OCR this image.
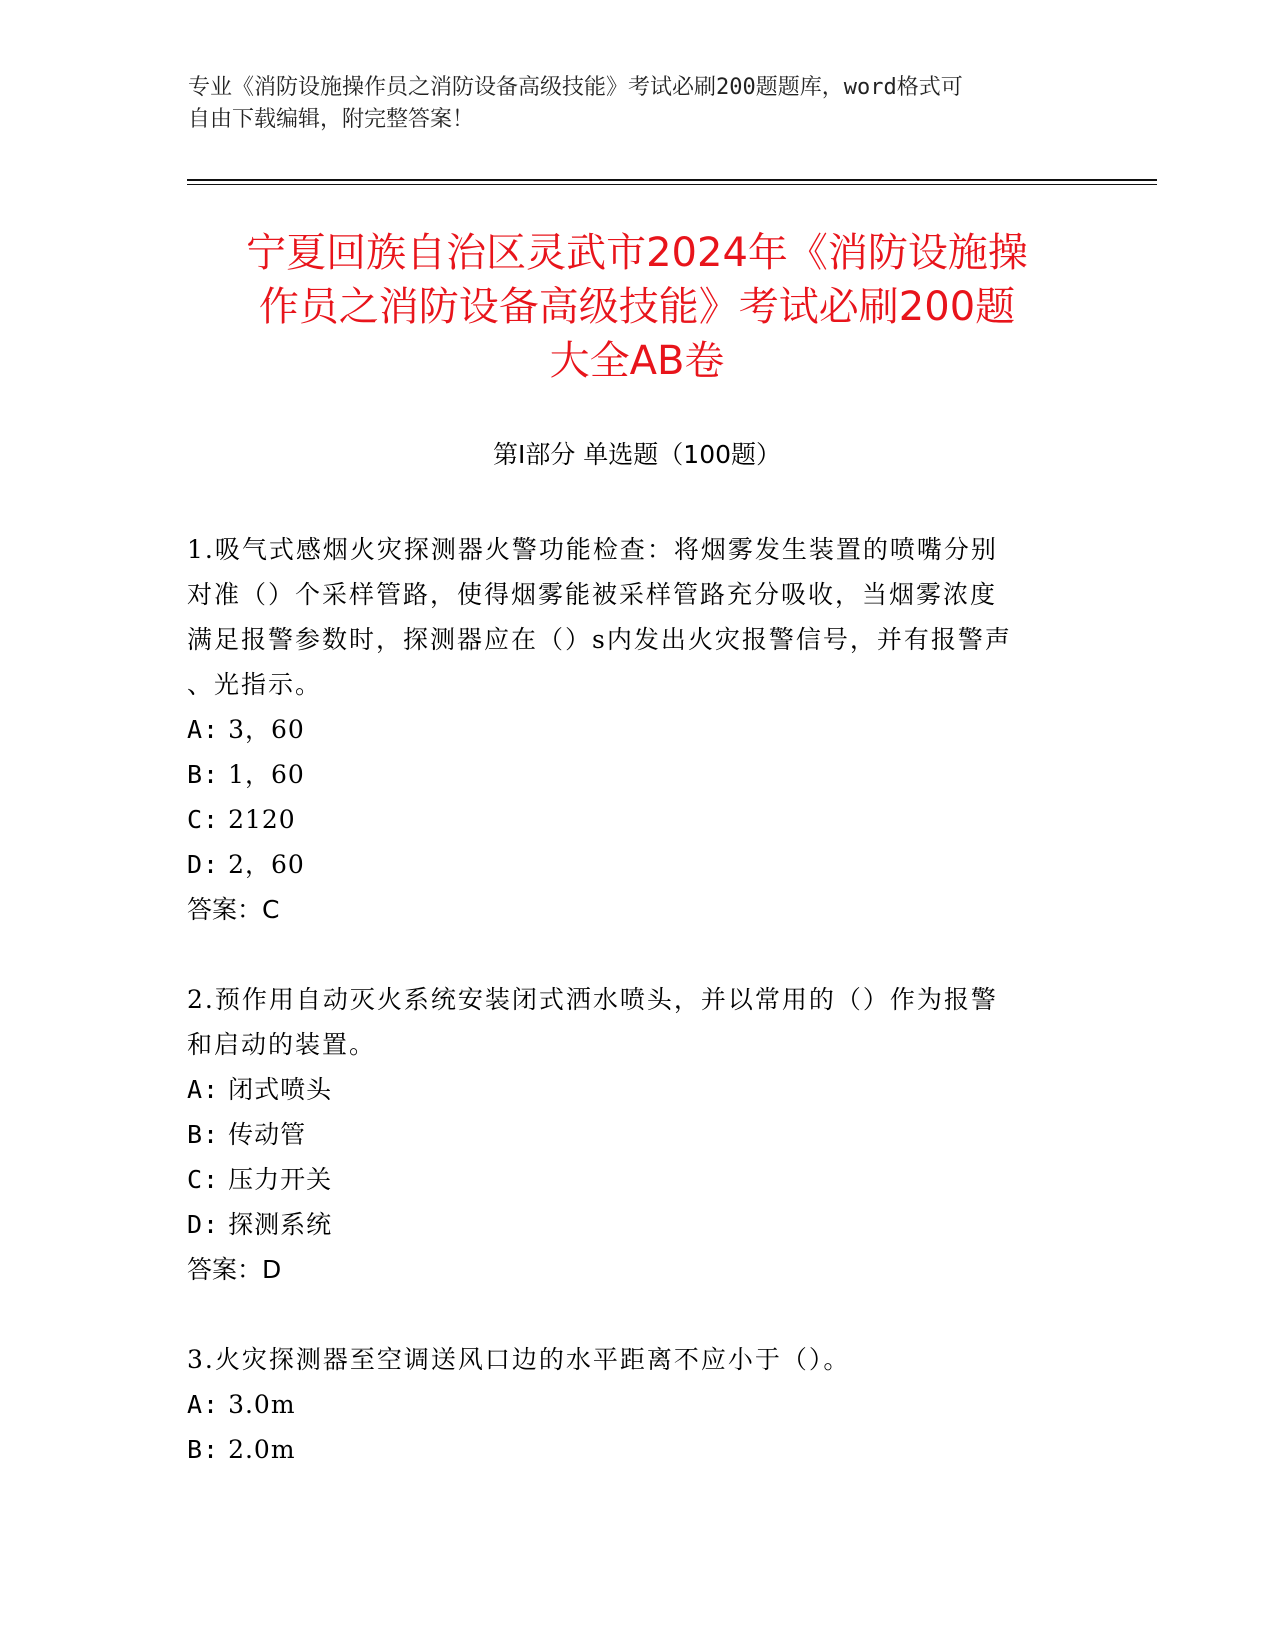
专业《消防设施操作员之消防设备高级技能》考试必刷200题题库，word格式可
自由下载编辑，附完整答案！
宁夏回族自治区灵武市2024年《消防设施操
作员之消防设备高级技能》考试必刷200题
大全AB卷
第Ⅰ部分 单选题（100题）
1.吸气式感烟火灾探测器火警功能检查：将烟雾发生装置的喷嘴分别
对准（）个采样管路，使得烟雾能被采样管路充分吸收，当烟雾浓度
满足报警参数时，探测器应在（）s内发出火灾报警信号，并有报警声
、光指示。
A: 3，60
B: 1，60
C: 2120
D: 2，60
答案：C
2.预作用自动灭火系统安装闭式洒水喷头，并以常用的（）作为报警
和启动的装置。
A: 闭式喷头
B: 传动管
C: 压力开关
D: 探测系统
答案：D
3.火灾探测器至空调送风口边的水平距离不应小于（）。
A: 3.0m
B: 2.0m
